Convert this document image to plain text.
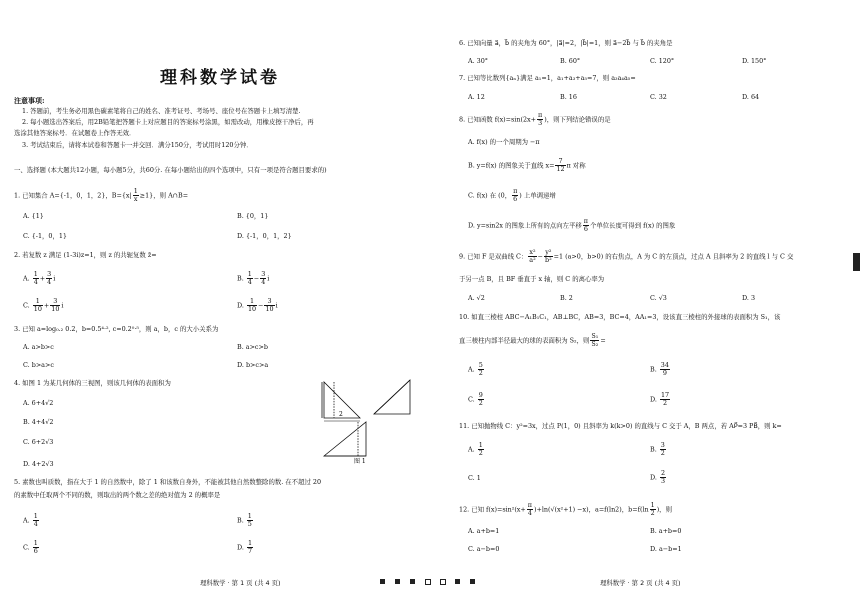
理科数学试卷
注意事项:
1. 答题前，考生务必用黑色碳素笔将自己的姓名、准考证号、考场号、座位号在答题卡上填写清楚.
2. 每小题选出答案后，用2B铅笔把答题卡上对应题目的答案标号涂黑，如需改动，用橡皮擦干净后，再
选涂其他答案标号．在试题卷上作答无效．
3. 考试结束后，请将本试卷和答题卡一并交回．满分150分，考试用时120分钟．
一、选择题 (本大题共12小题，每小题5分，共60分. 在每小题给出的四个选项中，只有一项是符合题目要求的)
1. 已知集合 A={-1，0，1，2}，$B=\{x| \frac{1}{x} \ge 1\}$，则 A∩B=
A. {1}	B. {0，1}
C. {-1，0，1}	D. {-1，0，1，2}
2. 若复数 z 满足 (1-3i)z=1，则 z 的共轭复数 z̄=
A. $\frac{1}{4} + \frac{3}{4}$ i	B. $\frac{1}{4} - \frac{3}{4}$ i
C. $\frac{1}{10} + \frac{3}{10}$ i	D. $\frac{1}{10} - \frac{3}{10}$ i
3. 已知 a=log₀.₂ 0.2，b=0.5⁴·², c=0.2⁰·⁵，则 a，b，c 的大小关系为
A. a>b>c	B. a>c>b
C. b>a>c	D. b>c>a
4. 如图 1 为某几何体的三视图，则该几何体的表面积为
A. 6+4√2
B. 4+4√2
C. 6+2√3
D. 4+2√3
2
图 1
5. 素数也叫质数，指在大于 1 的自然数中，除了 1 和该数自身外，不能被其他自然数整除的数. 在不超过 20
的素数中任取两个不同的数，则取出的两个数之差的绝对值为 2 的概率是
A. $\frac{1}{4}$	B. $\frac{1}{5}$
C. $\frac{1}{6}$	D. $\frac{1}{7}$
理科数学 · 第 1 页 (共 4 页)
6. 已知向量 a⃗，b⃗ 的夹角为 60°，|a⃗|=2，|b⃗|=1，则 a⃗−2b⃗ 与 b⃗ 的夹角是
A. 30°	B. 60°	C. 120°	D. 150°
7. 已知等比数列{aₙ}满足 a₁=1，a₁+a₃+a₅=7，则 a₃a₄a₅=
A. 12	B. 16	C. 32	D. 64
8. 已知函数 $f(x)=\sin(2x+ \frac{\pi}{3}$ )，则下列结论错误的是
A. f(x) 的一个周期为 −π
B. y=f(x) 的图象关于直线 $x= \frac{7}{12}$ π 对称
C. f(x) 在 (0， $\frac{\pi}{6}$ ) 上单调递增
D. y=sin2x 的图象上所有的点向左平移 $\frac{\pi}{6}$ 个单位长度可得到 f(x) 的图象
9. 已知 F 是双曲线 C： $\frac{\text{x²}}{\text{a²}} - \frac{\text{y²}}{\text{b²}} =1$ (a>0，b>0) 的右焦点，A 为 C 的左顶点，过点 A 且斜率为 2 的直线 l 与 C 交
于另一点 B，且 BF 垂直于 x 轴，则 C 的离心率为
A. √2	B. 2	C. √3	D. 3
10. 如直三棱柱 ABC−A₁B₁C₁，AB⊥BC，AB=3，BC=4，AA₁=3，设该直三棱柱的外接球的表面积为 S₁，该
直三棱柱内部半径最大的球的表面积为 S₂，则 $\frac{\text{S₁}}{\text{S₂}}$ =
A. $\frac{5}{2}$	B. $\frac{34}{9}$
C. $\frac{9}{2}$	D. $\frac{17}{2}$
11. 已知抛物线 C：y²=3x，过点 P(1，0) 且斜率为 k(k>0) 的直线与 C 交于 A，B 两点，若 AP⃗=3 PB⃗，则 k=
A. $\frac{1}{2}$	B. $\frac{3}{2}$
C. 1	D. $\frac{2}{3}$
12. 已知 $f(x)=\sin^2(x+ \frac{\pi}{4} )+\ln(√(x^2+1) -x)$，a=f(ln2)，$b=f(\ln \frac{1}{2}$ )，则
A. a+b=1	B. a+b=0
C. a−b=0	D. a−b=1
理科数学 · 第 2 页 (共 4 页)
